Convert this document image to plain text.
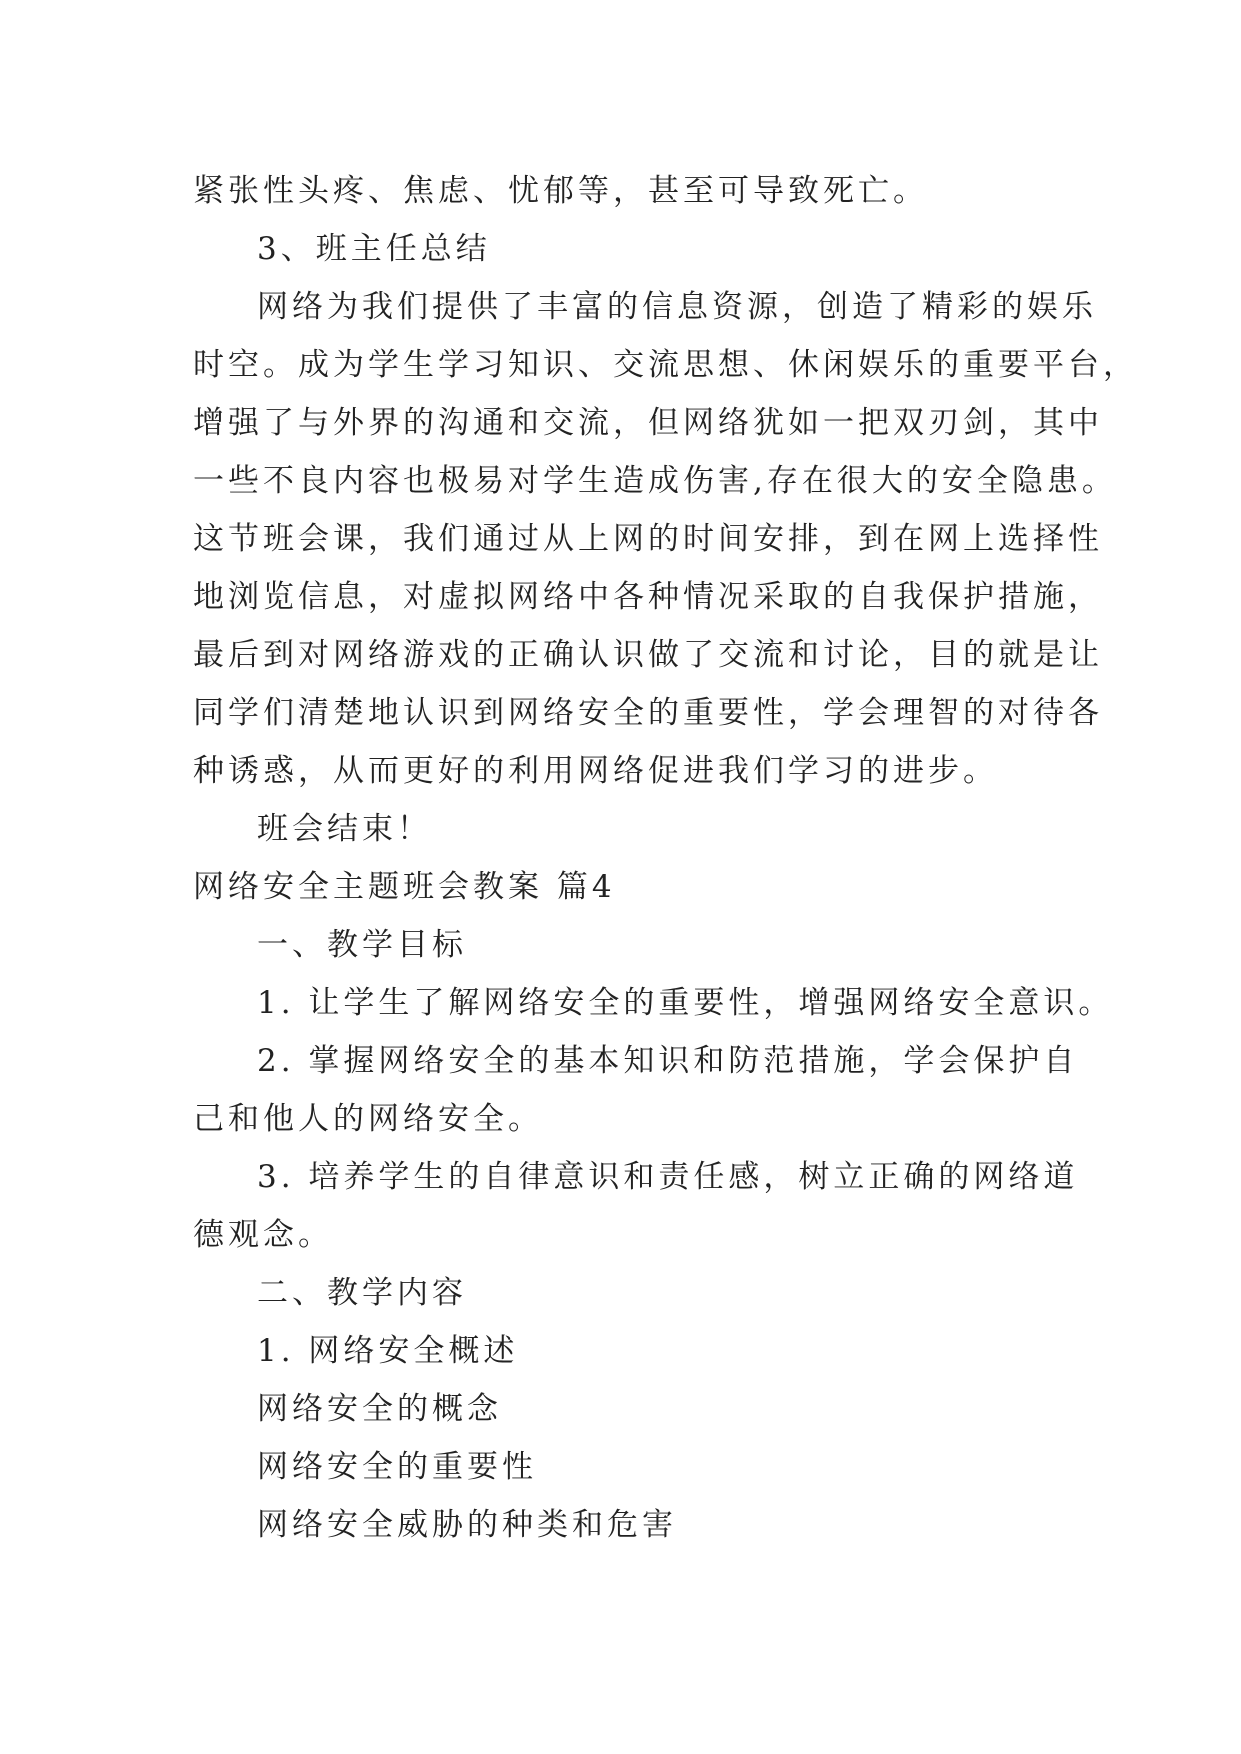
紧张性头疼、焦虑、忧郁等，甚至可导致死亡。
3、班主任总结
网络为我们提供了丰富的信息资源，创造了精彩的娱乐
时空。成为学生学习知识、交流思想、休闲娱乐的重要平台，
增强了与外界的沟通和交流，但网络犹如一把双刃剑，其中
一些不良内容也极易对学生造成伤害,存在很大的安全隐患。
这节班会课，我们通过从上网的时间安排，到在网上选择性
地浏览信息，对虚拟网络中各种情况采取的自我保护措施，
最后到对网络游戏的正确认识做了交流和讨论，目的就是让
同学们清楚地认识到网络安全的重要性，学会理智的对待各
种诱惑，从而更好的利用网络促进我们学习的进步。
班会结束！
网络安全主题班会教案 篇4
一、教学目标
1. 让学生了解网络安全的重要性，增强网络安全意识。
2. 掌握网络安全的基本知识和防范措施，学会保护自
己和他人的网络安全。
3. 培养学生的自律意识和责任感，树立正确的网络道
德观念。
二、教学内容
1. 网络安全概述
网络安全的概念
网络安全的重要性
网络安全威胁的种类和危害
